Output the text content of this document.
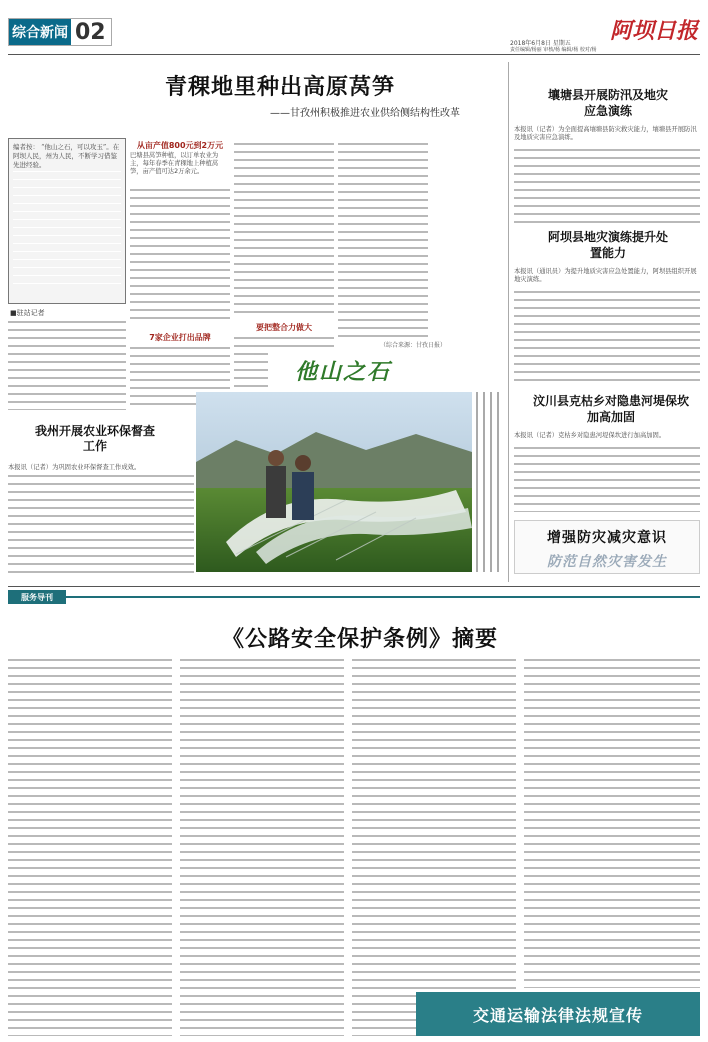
综合新闻 02	阿坝日报
2018年6月8日 星期五
责任编辑/杨丽 审核/杨 编辑/杨 校对/杨
青稞地里种出高原莴笋
——甘孜州积极推进农业供给侧结构性改革
编者按： “他山之石，可以攻玉”。在阿坝人民，州为人民，不断学习借鉴先进经验。
■驻站记者
从亩产值800元到2万元
巴塘县莴笋种植，以订单农业为主，每年春季在青稞地上种植莴笋，亩产值可达2万余元。
7家企业打出品牌
要把整合力做大
（综合来源：甘孜日报）
他山之石
我州开展农业环保督查工作
本报讯（记者）为巩固农业环保督查工作成效。
壤塘县开展防汛及地灾应急演练
本报讯（记者）为全面提高壤塘县防灾救灾能力，壤塘县开展防汛及地质灾害应急演练。
阿坝县地灾演练提升处置能力
本报讯（通讯员）为提升地质灾害应急处置能力，阿坝县组织开展地灾演练。
汶川县克枯乡对隐患河堤保坎加高加固
本报讯（记者）克枯乡对隐患河堤保坎进行加高加固。
增强防灾减灾意识
防范自然灾害发生
服务导刊
《公路安全保护条例》摘要
交通运输法律法规宣传
